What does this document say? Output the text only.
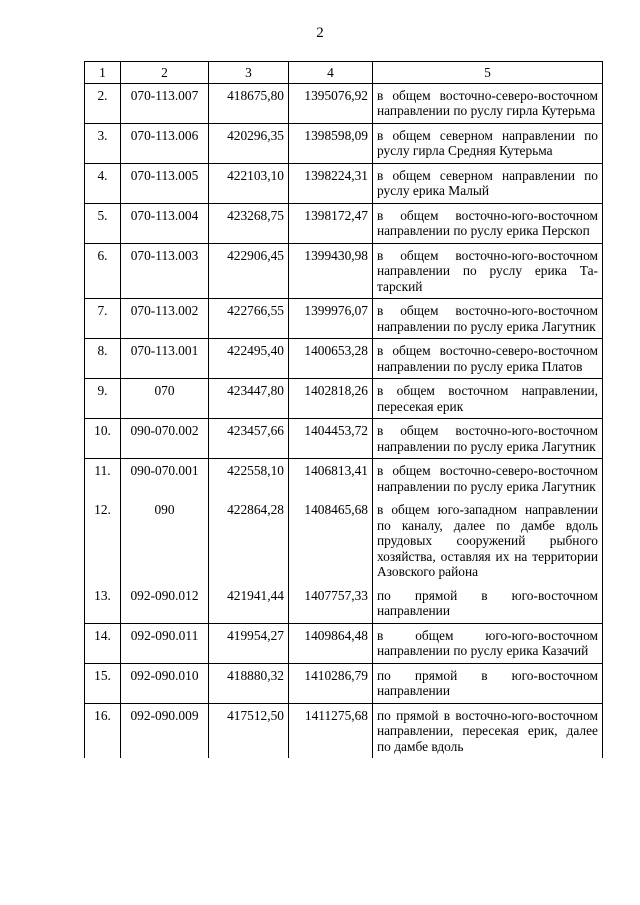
2
1	2	3	4	5
2.	070-113.007	418675,80	1395076,92	в общем восточно-северо-восточном направлении по руслу гирла Кутерьма
3.	070-113.006	420296,35	1398598,09	в общем северном направлении по руслу гирла Средняя Кутерьма
4.	070-113.005	422103,10	1398224,31	в общем северном направлении по руслу ерика Малый
5.	070-113.004	423268,75	1398172,47	в общем восточно-юго-восточном направлении по руслу ерика Перскоп
6.	070-113.003	422906,45	1399430,98	в общем восточно-юго-восточном направлении по руслу ерика Татарский
7.	070-113.002	422766,55	1399976,07	в общем восточно-юго-восточном направлении по руслу ерика Лагутник
8.	070-113.001	422495,40	1400653,28	в общем восточно-северо-восточном направлении по руслу ерика Платов
9.	070	423447,80	1402818,26	в общем восточном направлении, пересекая ерик
10.	090-070.002	423457,66	1404453,72	в общем восточно-юго-восточном направлении по руслу ерика Лагутник
11.	090-070.001	422558,10	1406813,41	в общем восточно-северо-восточном направлении по руслу ерика Лагутник
12.	090	422864,28	1408465,68	в общем юго-западном направлении по каналу, далее по дамбе вдоль прудовых сооружений рыбного хозяйства, оставляя их на территории Азовского района
13.	092-090.012	421941,44	1407757,33	по прямой в юго-восточном направлении
14.	092-090.011	419954,27	1409864,48	в общем юго-юго-восточном направлении по руслу ерика Казачий
15.	092-090.010	418880,32	1410286,79	по прямой в юго-восточном направлении
16.	092-090.009	417512,50	1411275,68	по прямой в восточно-юго-восточном направлении, пересекая ерик, далее по дамбе вдоль
